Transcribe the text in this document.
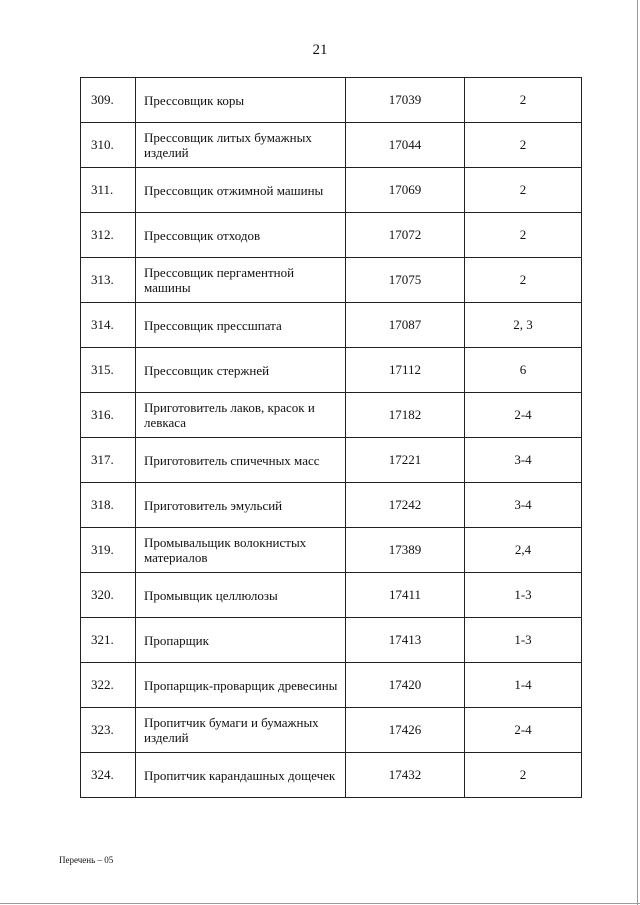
21
309.	Прессовщик коры	17039	2
310.	Прессовщик литых бумажных изделий	17044	2
311.	Прессовщик отжимной машины	17069	2
312.	Прессовщик отходов	17072	2
313.	Прессовщик пергаментной машины	17075	2
314.	Прессовщик прессшпата	17087	2, 3
315.	Прессовщик стержней	17112	6
316.	Приготовитель лаков, красок и левкаса	17182	2-4
317.	Приготовитель спичечных масс	17221	3-4
318.	Приготовитель эмульсий	17242	3-4
319.	Промывальщик волокнистых материалов	17389	2,4
320.	Промывщик целлюлозы	17411	1-3
321.	Пропарщик	17413	1-3
322.	Пропарщик-проварщик древесины	17420	1-4
323.	Пропитчик бумаги и бумажных изделий	17426	2-4
324.	Пропитчик карандашных дощечек	17432	2
Перечень – 05
